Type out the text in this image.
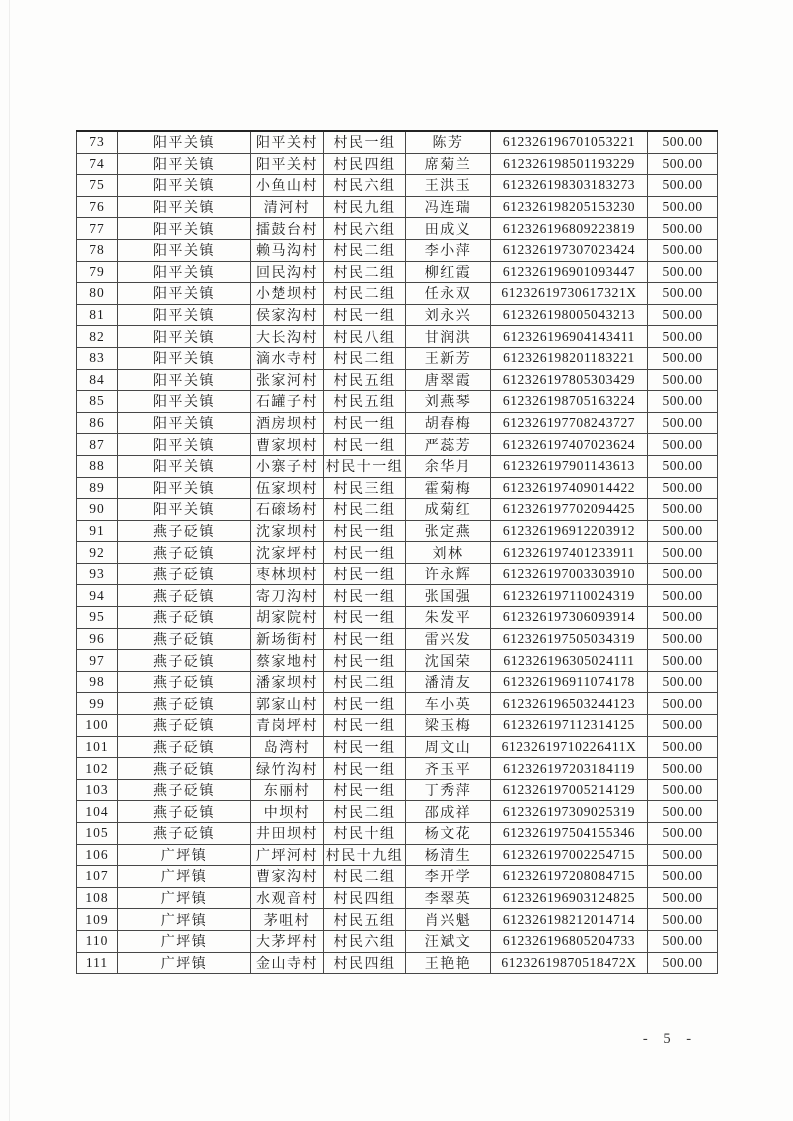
73	阳平关镇	阳平关村	村民一组	陈芳	612326196701053221	500.00
74	阳平关镇	阳平关村	村民四组	席菊兰	612326198501193229	500.00
75	阳平关镇	小鱼山村	村民六组	王洪玉	612326198303183273	500.00
76	阳平关镇	清河村	村民九组	冯连瑞	612326198205153230	500.00
77	阳平关镇	擂鼓台村	村民六组	田成义	612326196809223819	500.00
78	阳平关镇	赖马沟村	村民二组	李小萍	612326197307023424	500.00
79	阳平关镇	回民沟村	村民二组	柳红霞	612326196901093447	500.00
80	阳平关镇	小楚坝村	村民二组	任永双	61232619730617321X	500.00
81	阳平关镇	侯家沟村	村民一组	刘永兴	612326198005043213	500.00
82	阳平关镇	大长沟村	村民八组	甘润洪	612326196904143411	500.00
83	阳平关镇	滴水寺村	村民二组	王新芳	612326198201183221	500.00
84	阳平关镇	张家河村	村民五组	唐翠霞	612326197805303429	500.00
85	阳平关镇	石罐子村	村民五组	刘燕琴	612326198705163224	500.00
86	阳平关镇	酒房坝村	村民一组	胡春梅	612326197708243727	500.00
87	阳平关镇	曹家坝村	村民一组	严蕊芳	612326197407023624	500.00
88	阳平关镇	小寨子村	村民十一组	余华月	612326197901143613	500.00
89	阳平关镇	伍家坝村	村民三组	霍菊梅	612326197409014422	500.00
90	阳平关镇	石磙场村	村民二组	成菊红	612326197702094425	500.00
91	燕子砭镇	沈家坝村	村民一组	张定燕	612326196912203912	500.00
92	燕子砭镇	沈家坪村	村民一组	刘林	612326197401233911	500.00
93	燕子砭镇	枣林坝村	村民一组	许永辉	612326197003303910	500.00
94	燕子砭镇	寄刀沟村	村民一组	张国强	612326197110024319	500.00
95	燕子砭镇	胡家院村	村民一组	朱发平	612326197306093914	500.00
96	燕子砭镇	新场街村	村民一组	雷兴发	612326197505034319	500.00
97	燕子砭镇	蔡家地村	村民一组	沈国荣	612326196305024111	500.00
98	燕子砭镇	潘家坝村	村民二组	潘清友	612326196911074178	500.00
99	燕子砭镇	郭家山村	村民一组	车小英	612326196503244123	500.00
100	燕子砭镇	青岗坪村	村民一组	梁玉梅	612326197112314125	500.00
101	燕子砭镇	岛湾村	村民一组	周文山	61232619710226411X	500.00
102	燕子砭镇	绿竹沟村	村民一组	齐玉平	612326197203184119	500.00
103	燕子砭镇	东丽村	村民一组	丁秀萍	612326197005214129	500.00
104	燕子砭镇	中坝村	村民二组	邵成祥	612326197309025319	500.00
105	燕子砭镇	井田坝村	村民十组	杨文花	612326197504155346	500.00
106	广坪镇	广坪河村	村民十九组	杨清生	612326197002254715	500.00
107	广坪镇	曹家沟村	村民二组	李开学	612326197208084715	500.00
108	广坪镇	水观音村	村民四组	李翠英	612326196903124825	500.00
109	广坪镇	茅咀村	村民五组	肖兴魁	612326198212014714	500.00
110	广坪镇	大茅坪村	村民六组	汪斌文	612326196805204733	500.00
111	广坪镇	金山寺村	村民四组	王艳艳	61232619870518472X	500.00
- 5 -
